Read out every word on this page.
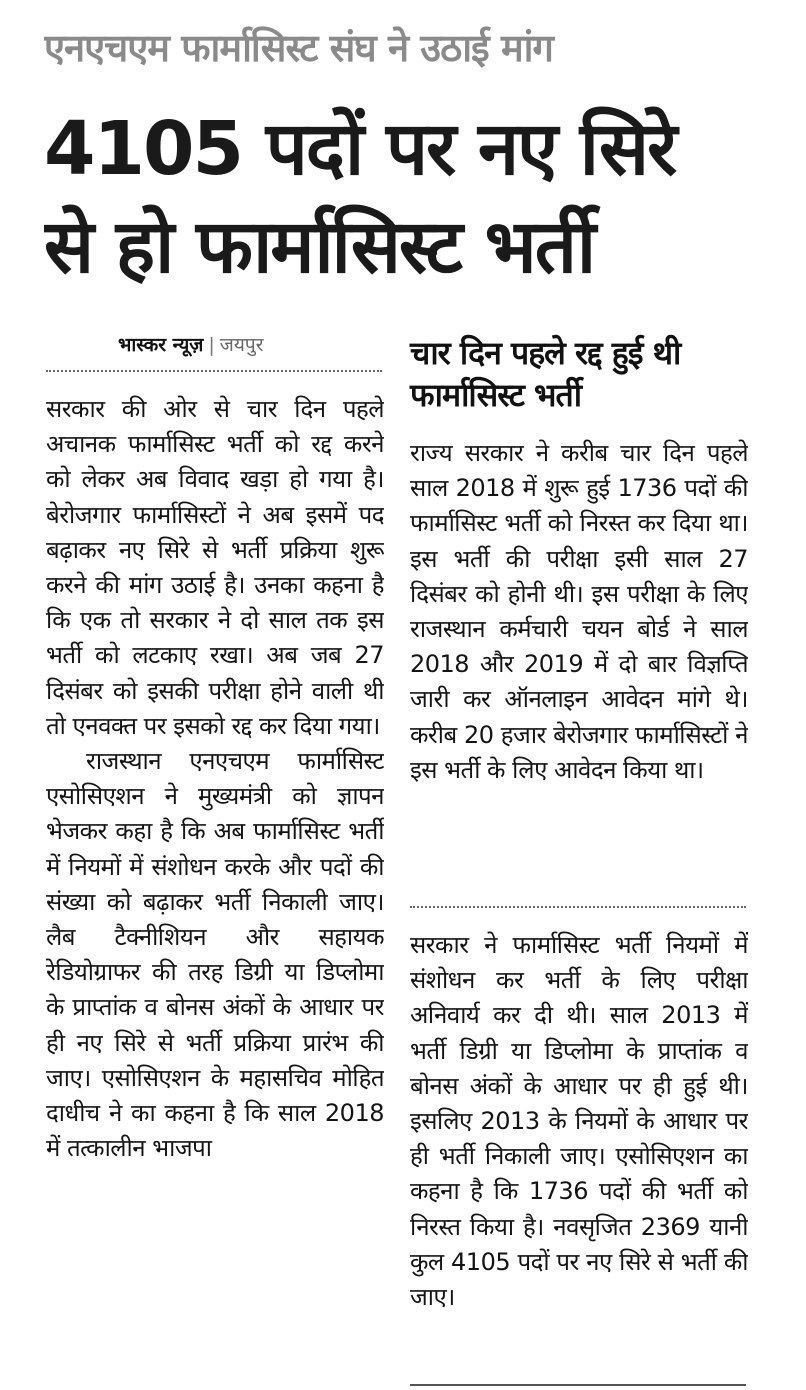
एनएचएम फार्मासिस्ट संघ ने उठाई मांग
4105 पदों पर नए सिरे
से हो फार्मासिस्ट भर्ती
भास्कर न्यूज़ | जयपुर

सरकार की ओर से चार दिन पहले अचानक फार्मासिस्ट भर्ती को रद्द करने को लेकर अब विवाद खड़ा हो गया है। बेरोजगार फार्मासिस्टों ने अब इसमें पद बढ़ाकर नए सिरे से भर्ती प्रक्रिया शुरू करने की मांग उठाई है। उनका कहना है कि एक तो सरकार ने दो साल तक इस भर्ती को लटकाए रखा। अब जब 27 दिसंबर को इसकी परीक्षा होने वाली थी तो एनवक्त पर इसको रद्द कर दिया गया।

राजस्थान एनएचएम फार्मासिस्ट एसोसिएशन ने मुख्यमंत्री को ज्ञापन भेजकर कहा है कि अब फार्मासिस्ट भर्ती में नियमों में संशोधन करके और पदों की संख्या को बढ़ाकर भर्ती निकाली जाए। लैब टैक्नीशियन और सहायक रेडियोग्राफर की तरह डिग्री या डिप्लोमा के प्राप्तांक व बोनस अंकों के आधार पर ही नए सिरे से भर्ती प्रक्रिया प्रारंभ की जाए। एसोसिएशन के महासचिव मोहित दाधीच ने का कहना है कि साल 2018 में तत्कालीन भाजपा

चार दिन पहले रद्द हुई थी फार्मासिस्ट भर्ती

राज्य सरकार ने करीब चार दिन पहले साल 2018 में शुरू हुई 1736 पदों की फार्मासिस्ट भर्ती को निरस्त कर दिया था। इस भर्ती की परीक्षा इसी साल 27 दिसंबर को होनी थी। इस परीक्षा के लिए राजस्थान कर्मचारी चयन बोर्ड ने साल 2018 और 2019 में दो बार विज्ञप्ति जारी कर ऑनलाइन आवेदन मांगे थे। करीब 20 हजार बेरोजगार फार्मासिस्टों ने इस भर्ती के लिए आवेदन किया था।

सरकार ने फार्मासिस्ट भर्ती नियमों में संशोधन कर भर्ती के लिए परीक्षा अनिवार्य कर दी थी। साल 2013 में भर्ती डिग्री या डिप्लोमा के प्राप्तांक व बोनस अंकों के आधार पर ही हुई थी। इसलिए 2013 के नियमों के आधार पर ही भर्ती निकाली जाए। एसोसिएशन का कहना है कि 1736 पदों की भर्ती को निरस्त किया है। नवसृजित 2369 यानी कुल 4105 पदों पर नए सिरे से भर्ती की जाए।
